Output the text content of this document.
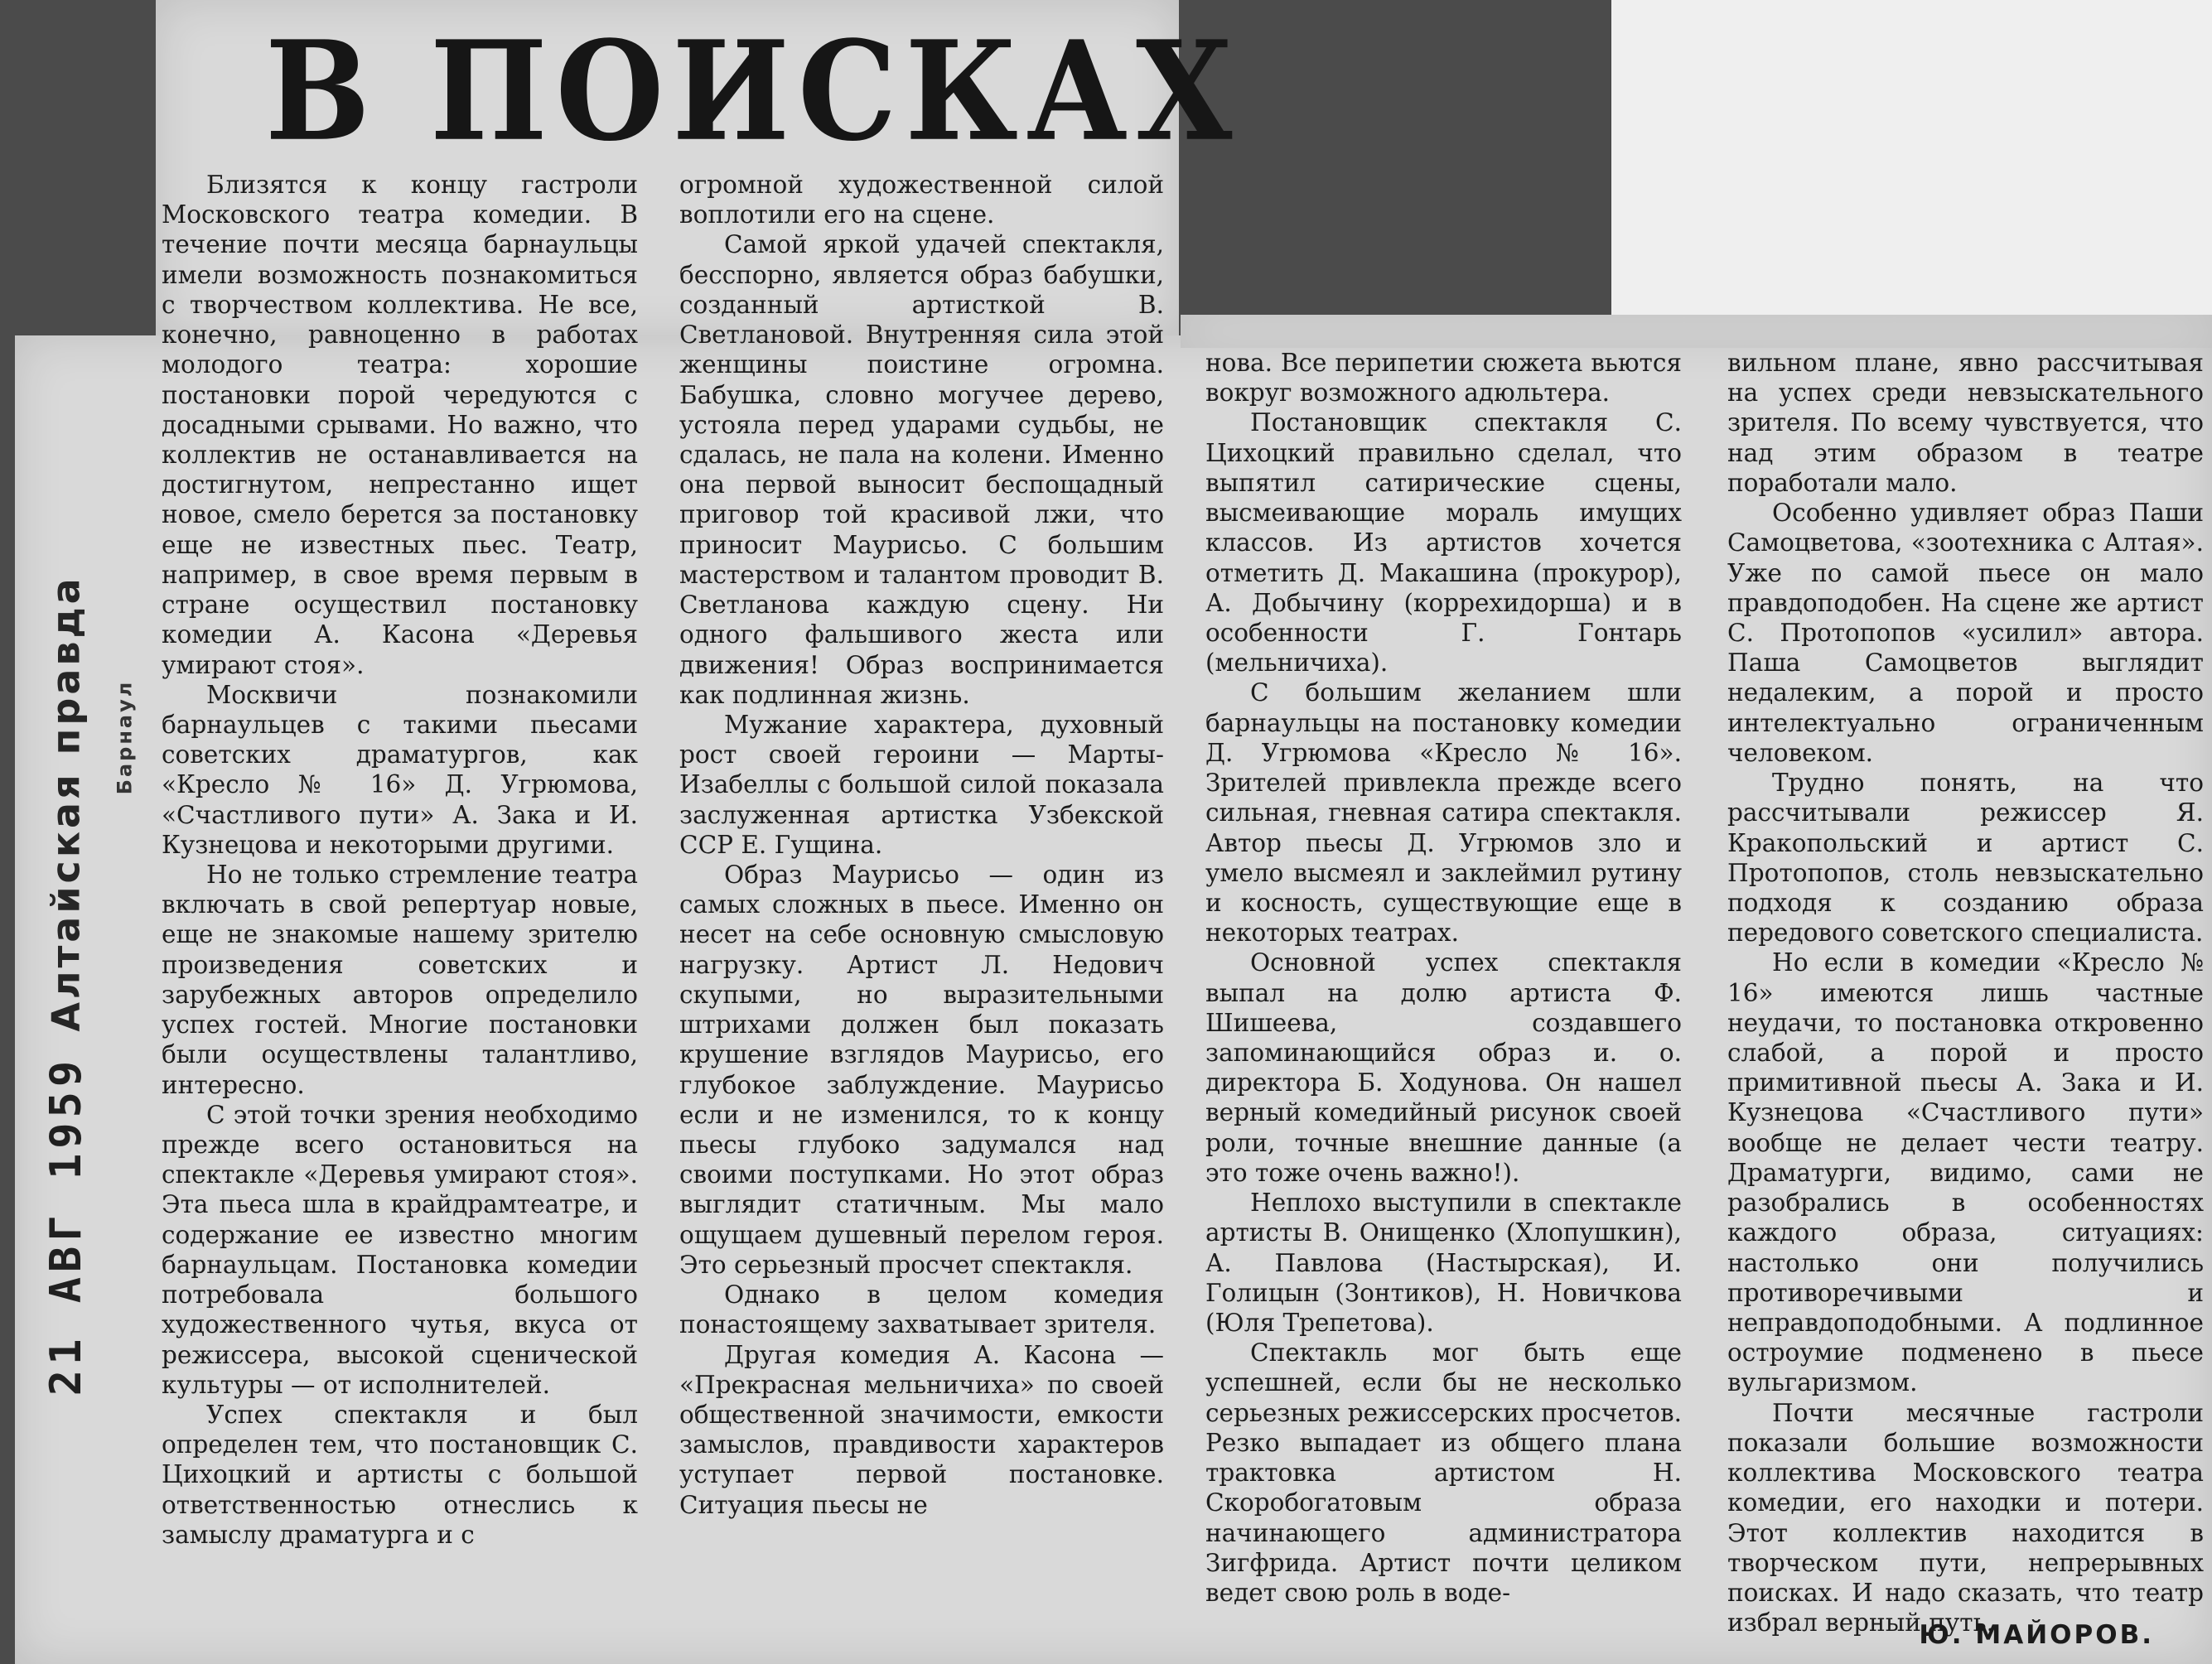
В ПОИСКАХ
Алтайская правда Барнаул
21 АВГ 1959

Близятся к концу гастроли Московского театра комедии. В течение почти месяца барнаульцы имели возможность познакомиться с творчеством коллектива. Не все, конечно, равноценно в работах молодого театра: хорошие постановки порой чередуются с досадными срывами. Но важно, что коллектив не останавливается на достигнутом, непрестанно ищет новое, смело берется за постановку еще не известных пьес. Театр, например, в свое время первым в стране осуществил постановку комедии А. Касона «Деревья умирают стоя».

Москвичи познакомили барнаульцев с такими пьесами советских драматургов, как «Кресло № 16» Д. Угрюмова, «Счастливого пути» А. Зака и И. Кузнецова и некоторыми другими.

Но не только стремление театра включать в свой репертуар новые, еще не знакомые нашему зрителю произведения советских и зарубежных авторов определило успех гостей. Многие постановки были осуществлены талантливо, интересно.

С этой точки зрения необходимо прежде всего остановиться на спектакле «Деревья умирают стоя». Эта пьеса шла в крайдрамтеатре, и содержание ее известно многим барнаульцам. Постановка комедии потребовала большого художественного чутья, вкуса от режиссера, высокой сценической культуры — от исполнителей.

Успех спектакля и был определен тем, что постановщик С. Цихоцкий и артисты с большой ответственностью отнеслись к замыслу драматурга и с

огромной художественной силой воплотили его на сцене.

Самой яркой удачей спектакля, бесспорно, является образ бабушки, созданный артисткой В. Светлановой. Внутренняя сила этой женщины поистине огромна. Бабушка, словно могучее дерево, устояла перед ударами судьбы, не сдалась, не пала на колени. Именно она первой выносит беспощадный приговор той красивой лжи, что приносит Маурисьо. С большим мастерством и талантом проводит В. Светланова каждую сцену. Ни одного фальшивого жеста или движения! Образ воспринимается как подлинная жизнь.

Мужание характера, духовный рост своей героини — Марты-Изабеллы с большой силой показала заслуженная артистка Узбекской ССР Е. Гущина.

Образ Маурисьо — один из самых сложных в пьесе. Именно он несет на себе основную смысловую нагрузку. Артист Л. Недович скупыми, но выразительными штрихами должен был показать крушение взглядов Маурисьо, его глубокое заблуждение. Маурисьо если и не изменился, то к концу пьесы глубоко задумался над своими поступками. Но этот образ выглядит статичным. Мы мало ощущаем душевный перелом героя. Это серьезный просчет спектакля.

Однако в целом комедия понастоящему захватывает зрителя.

Другая комедия А. Касона — «Прекрасная мельничиха» по своей общественной значимости, емкости замыслов, правдивости характеров уступает первой постановке. Ситуация пьесы не

нова. Все перипетии сюжета вьются вокруг возможного адюльтера.

Постановщик спектакля С. Цихоцкий правильно сделал, что выпятил сатирические сцены, высмеивающие мораль имущих классов. Из артистов хочется отметить Д. Макашина (прокурор), А. Добычину (коррехидорша) и в особенности Г. Гонтарь (мельничиха).

С большим желанием шли барнаульцы на постановку комедии Д. Угрюмова «Кресло № 16». Зрителей привлекла прежде всего сильная, гневная сатира спектакля. Автор пьесы Д. Угрюмов зло и умело высмеял и заклеймил рутину и косность, существующие еще в некоторых театрах.

Основной успех спектакля выпал на долю артиста Ф. Шишеева, создавшего запоминающийся образ и. о. директора Б. Ходунова. Он нашел верный комедийный рисунок своей роли, точные внешние данные (а это тоже очень важно!).

Неплохо выступили в спектакле артисты В. Онищенко (Хлопушкин), А. Павлова (Настырская), И. Голицын (Зонтиков), Н. Новичкова (Юля Трепетова).

Спектакль мог быть еще успешней, если бы не несколько серьезных режиссерских просчетов. Резко выпадает из общего плана трактовка артистом Н. Скоробогатовым образа начинающего администратора Зигфрида. Артист почти целиком ведет свою роль в воде-

вильном плане, явно рассчитывая на успех среди невзыскательного зрителя. По всему чувствуется, что над этим образом в театре поработали мало.

Особенно удивляет образ Паши Самоцветова, «зоотехника с Алтая». Уже по самой пьесе он мало правдоподобен. На сцене же артист С. Протопопов «усилил» автора. Паша Самоцветов выглядит недалеким, а порой и просто интелектуально ограниченным человеком.

Трудно понять, на что рассчитывали режиссер Я. Кракопольский и артист С. Протопопов, столь невзыскательно подходя к созданию образа передового советского специалиста.

Но если в комедии «Кресло № 16» имеются лишь частные неудачи, то постановка откровенно слабой, а порой и просто примитивной пьесы А. Зака и И. Кузнецова «Счастливого пути» вообще не делает чести театру. Драматурги, видимо, сами не разобрались в особенностях каждого образа, ситуациях: настолько они получились противоречивыми и неправдоподобными. А подлинное остроумие подменено в пьесе вульгаризмом.

Почти месячные гастроли показали большие возможности коллектива Московского театра комедии, его находки и потери. Этот коллектив находится в творческом пути, непрерывных поисках. И надо сказать, что театр избрал верный путь.

Ю. МАЙОРОВ.
